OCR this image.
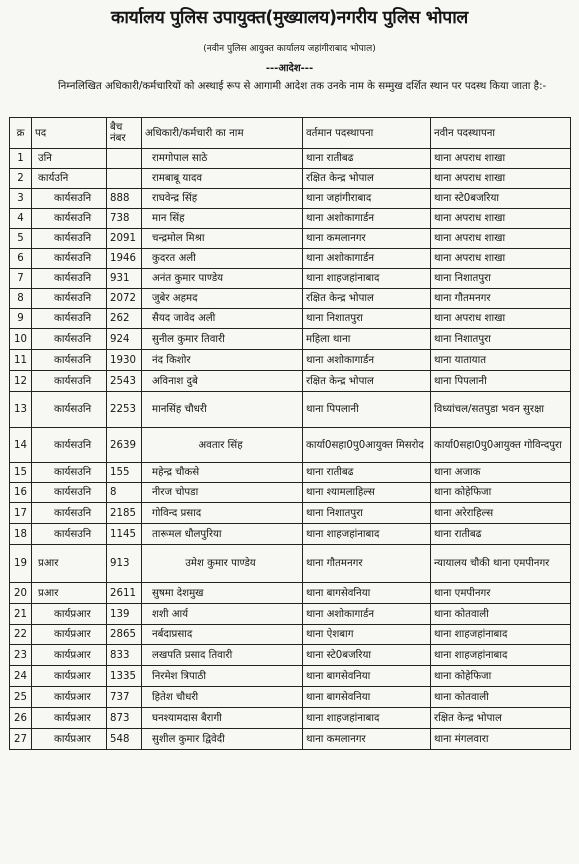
कार्यालय पुलिस उपायुक्त(मुख्यालय)नगरीय पुलिस भोपाल
(नवीन पुलिस आयुक्त कार्यालय जहांगीराबाद भोपाल)
---आदेश---
निम्नलिखित अधिकारी/कर्मचारियों को अस्थाई रूप से आगामी आदेश तक उनके नाम के सम्मुख दर्शित स्थान पर पदस्थ किया जाता है:-
क्र	पद	बैच नंबर	अधिकारी/कर्मचारी का नाम	वर्तमान पदस्थापना	नवीन पदस्थापना
1	उनि		रामगोपाल साठे	थाना रातीबढ	थाना अपराध शाखा
2	कार्यउनि		रामबाबू यादव	रक्षित केन्द्र भोपाल	थाना अपराध शाखा
3	कार्यसउनि	888	राघवेन्द्र सिंह	थाना जहांगीराबाद	थाना स्टे0बजरिया
4	कार्यसउनि	738	मान सिंह	थाना अशोकागार्डन	थाना अपराध शाखा
5	कार्यसउनि	2091	चन्द्रमोल मिश्रा	थाना कमलानगर	थाना अपराध शाखा
6	कार्यसउनि	1946	कुदरत अली	थाना अशोकागार्डन	थाना अपराध शाखा
7	कार्यसउनि	931	अनंत कुमार पाण्डेय	थाना शाहजहांनाबाद	थाना निशातपुरा
8	कार्यसउनि	2072	जुबेर अहमद	रक्षित केन्द्र भोपाल	थाना गौतमनगर
9	कार्यसउनि	262	सैयद जावेद अली	थाना निशातपुरा	थाना अपराध शाखा
10	कार्यसउनि	924	सुनील कुमार तिवारी	महिला थाना	थाना निशातपुरा
11	कार्यसउनि	1930	नंद किशोर	थाना अशोकागार्डन	थाना यातायात
12	कार्यसउनि	2543	अविनाश दुबे	रक्षित केन्द्र भोपाल	थाना पिपलानी
13	कार्यसउनि	2253	मानसिंह चौधरी	थाना पिपलानी	विध्यांचल/सतपुडा भवन सुरक्षा
14	कार्यसउनि	2639	अवतार सिंह	कार्या0सहा0पु0आयुक्त मिसरोद	कार्या0सहा0पु0आयुक्त गोविन्दपुरा
15	कार्यसउनि	155	महेन्द्र चौकसे	थाना रातीबढ	थाना अजाक
16	कार्यसउनि	8	नीरज चोपडा	थाना श्यामलाहिल्स	थाना कोहेफिजा
17	कार्यसउनि	2185	गोविन्द प्रसाद	थाना निशातपुरा	थाना अरेराहिल्स
18	कार्यसउनि	1145	तारूमल धौलपुरिया	थाना शाहजहांनाबाद	थाना रातीबढ
19	प्रआर	913	उमेश कुमार पाण्डेय	थाना गौतमनगर	न्यायालय चौकी थाना एमपीनगर
20	प्रआर	2611	सुषमा देशमुख	थाना बागसेवनिया	थाना एमपीनगर
21	कार्यप्रआर	139	शशी आर्य	थाना अशोकागार्डन	थाना कोतवाली
22	कार्यप्रआर	2865	नर्बदाप्रसाद	थाना ऐशबाग	थाना शाहजहांनाबाद
23	कार्यप्रआर	833	लखपति प्रसाद तिवारी	थाना स्टे0बजरिया	थाना शाहजहांनाबाद
24	कार्यप्रआर	1335	निरमेश त्रिपाठी	थाना बागसेवनिया	थाना कोहेफिजा
25	कार्यप्रआर	737	हितेश चौधरी	थाना बागसेवनिया	थाना कोतवाली
26	कार्यप्रआर	873	घनश्यामदास बैरागी	थाना शाहजहांनाबाद	रक्षित केन्द्र भोपाल
27	कार्यप्रआर	548	सुशील कुमार द्विवेदी	थाना कमलानगर	थाना मंगलवारा
